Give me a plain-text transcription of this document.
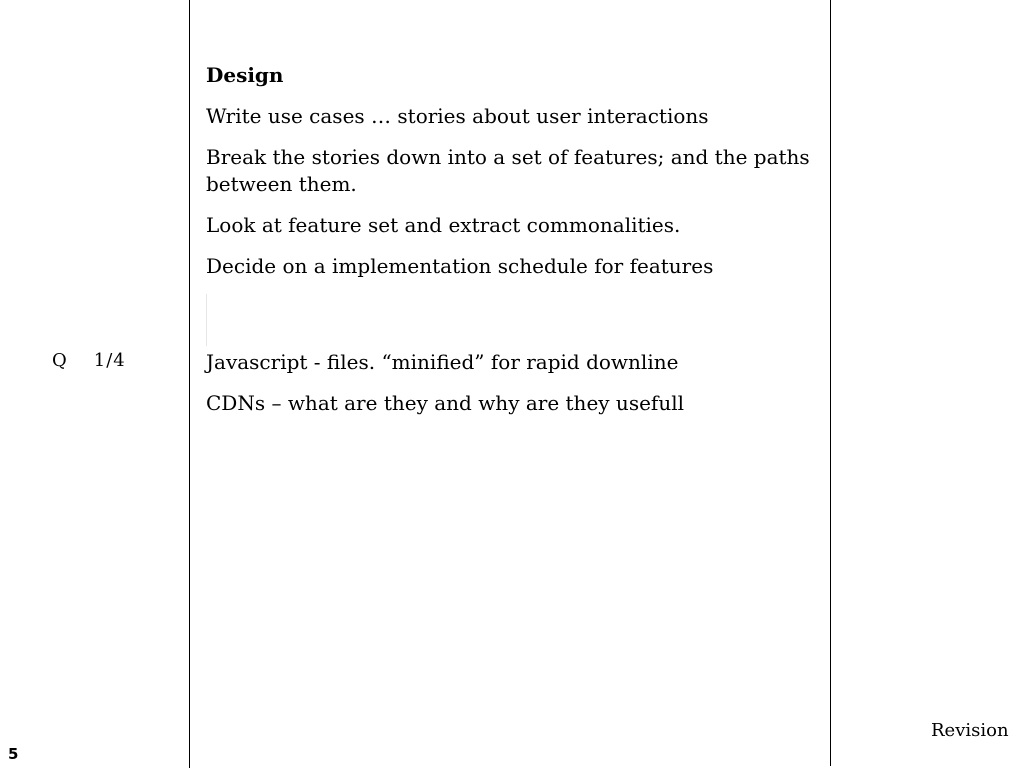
Q 1/4

Design

Write use cases … stories about user interactions

Break the stories down into a set of features; and the paths between them.

Look at feature set and extract commonalities.

Decide on a implementation schedule for features

Javascript - files. “minified” for rapid downline

CDNs – what are they and why are they usefull

Revision
5
